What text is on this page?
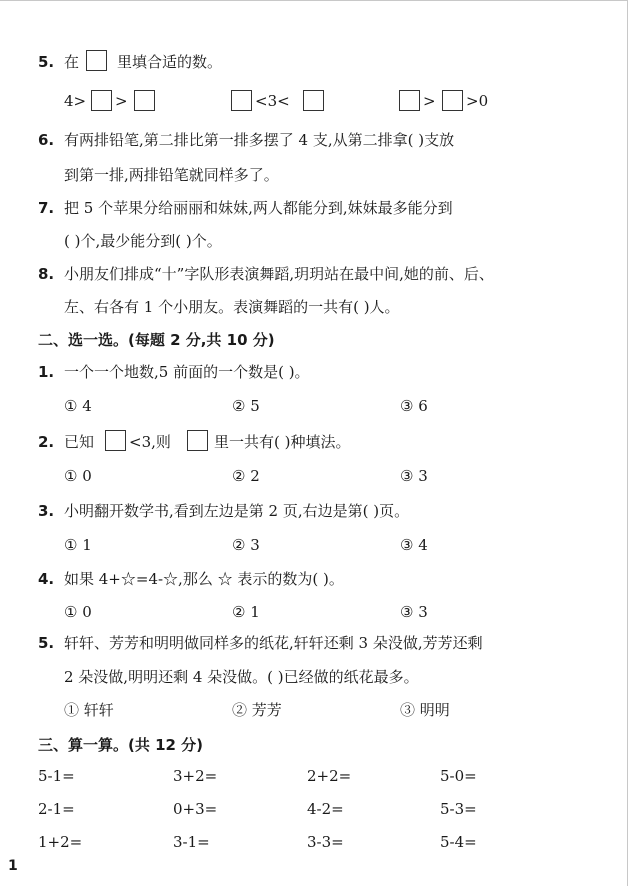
5. 在	里填合适的数。
4> >	<3<	> >0
6. 有两排铅笔,第二排比第一排多摆了 4 支,从第二排拿( )支放
到第一排,两排铅笔就同样多了。
7. 把 5 个苹果分给丽丽和妹妹,两人都能分到,妹妹最多能分到
( )个,最少能分到( )个。
8. 小朋友们排成“十”字队形表演舞蹈,玥玥站在最中间,她的前、后、
左、右各有 1 个小朋友。表演舞蹈的一共有( )人。
二、选一选。(每题 2 分,共 10 分)
1. 一个一个地数,5 前面的一个数是( )。
① 4	② 5	③ 6
2. 已知 <3,则	里一共有( )种填法。
① 0	② 2	③ 3
3. 小明翻开数学书,看到左边是第 2 页,右边是第( )页。
① 1	② 3	③ 4
4. 如果 4+☆=4-☆,那么 ☆ 表示的数为( )。
① 0	② 1	③ 3
5. 轩轩、芳芳和明明做同样多的纸花,轩轩还剩 3 朵没做,芳芳还剩
2 朵没做,明明还剩 4 朵没做。( )已经做的纸花最多。
① 轩轩	② 芳芳	③ 明明
三、算一算。(共 12 分)
5-1=	3+2=	2+2=	5-0=
2-1=	0+3=	4-2=	5-3=
1+2=	3-1=	3-3=	5-4=
1
